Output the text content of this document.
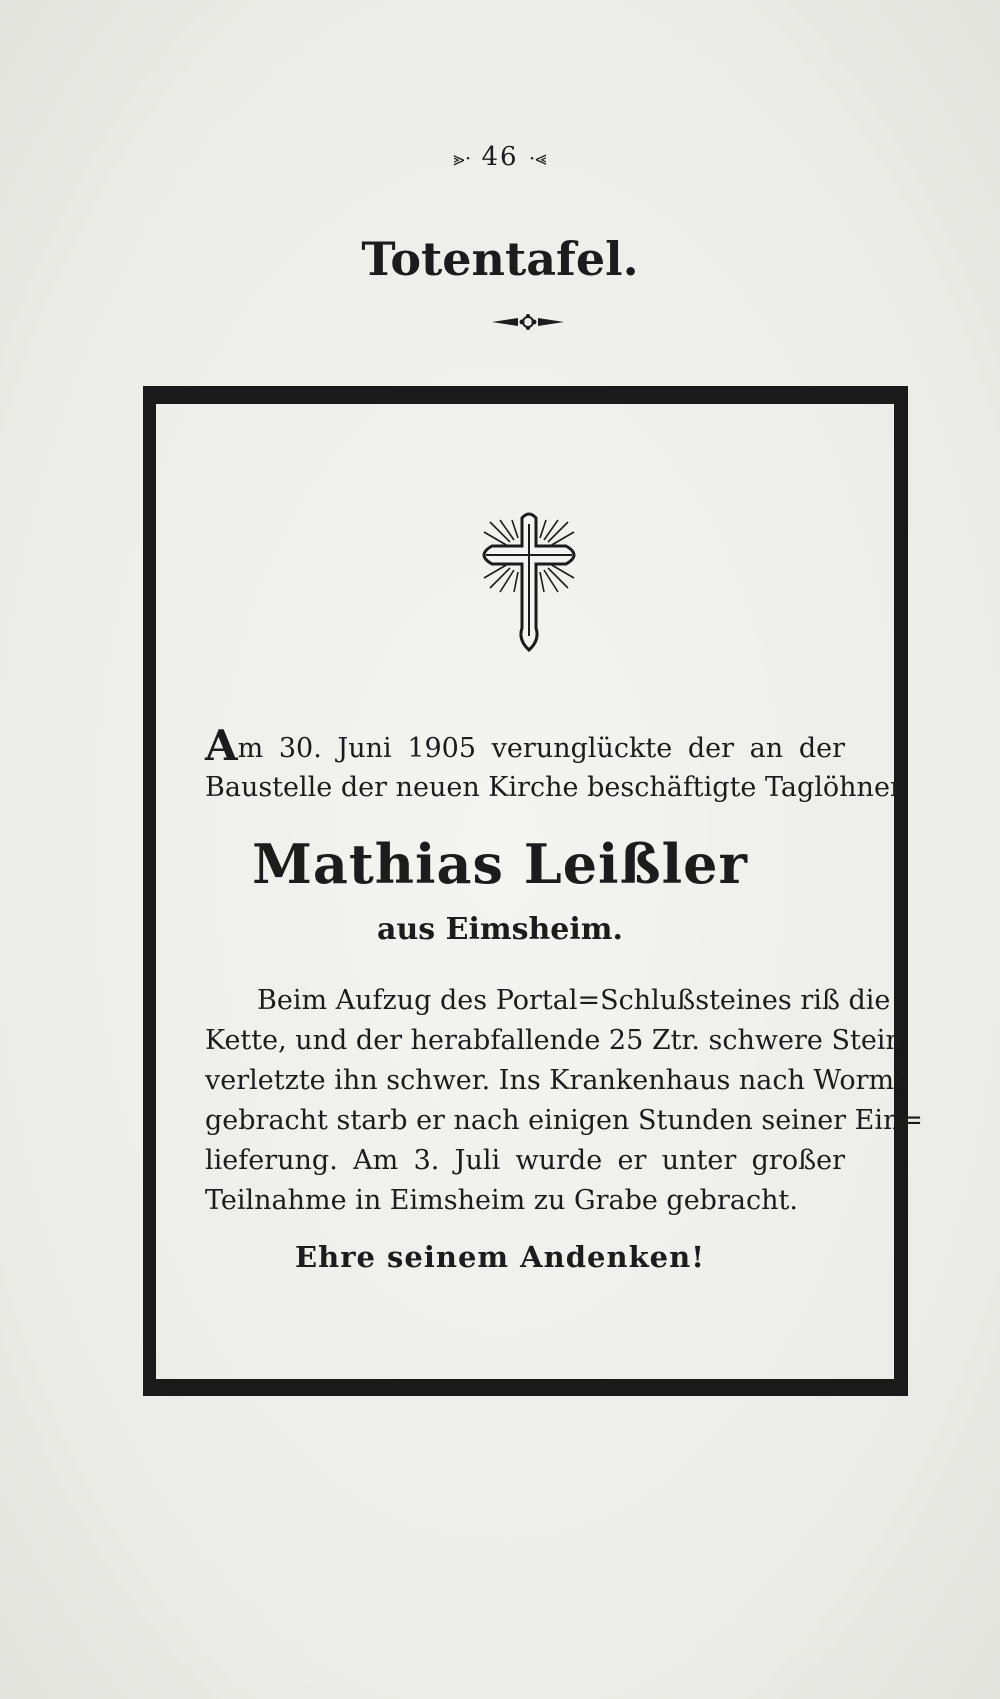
⪢· 46 ·⪡
Totentafel.
Am 30. Juni 1905 verunglückte der an der
Baustelle der neuen Kirche beschäftigte Taglöhner
Mathias Leißler
aus Eimsheim.
Beim Aufzug des Portal=Schlußsteines riß die
Kette, und der herabfallende 25 Ztr. schwere Stein
verletzte ihn schwer. Ins Krankenhaus nach Worms
gebracht starb er nach einigen Stunden seiner Ein=
lieferung. Am 3. Juli wurde er unter großer
Teilnahme in Eimsheim zu Grabe gebracht.
Ehre seinem Andenken!
